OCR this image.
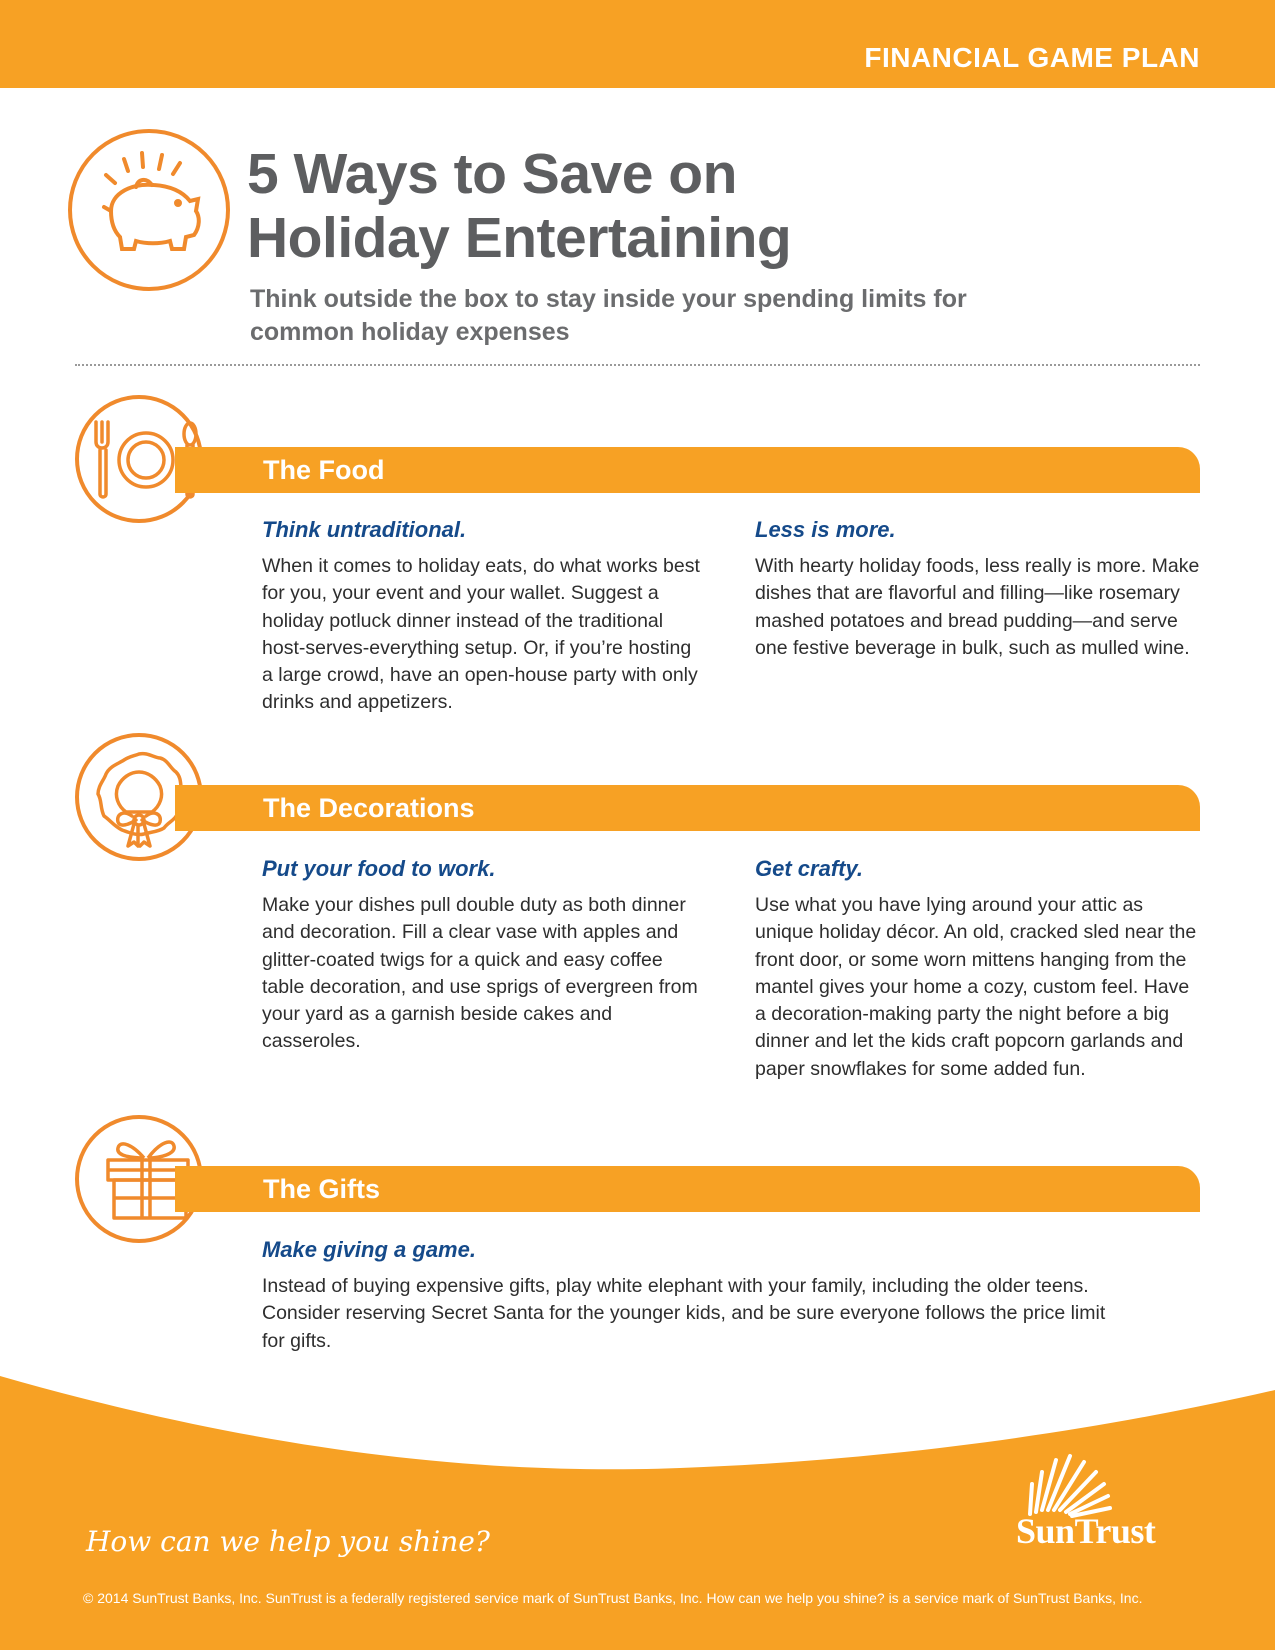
FINANCIAL GAME PLAN
5 Ways to Save on
Holiday Entertaining

Think outside the box to stay inside your spending limits for common holiday expenses

The Food
Think untraditional.

When it comes to holiday eats, do what works best for you, your event and your wallet. Suggest a holiday potluck dinner instead of the traditional host-serves-everything setup. Or, if you’re hosting a large crowd, have an open-house party with only drinks and appetizers.

Less is more.

With hearty holiday foods, less really is more. Make dishes that are flavorful and filling—like rosemary mashed potatoes and bread pudding—and serve one festive beverage in bulk, such as mulled wine.

The Decorations
Put your food to work.

Make your dishes pull double duty as both dinner and decoration. Fill a clear vase with apples and glitter-coated twigs for a quick and easy coffee table decoration, and use sprigs of evergreen from your yard as a garnish beside cakes and casseroles.

Get crafty.

Use what you have lying around your attic as unique holiday décor. An old, cracked sled near the front door, or some worn mittens hanging from the mantel gives your home a cozy, custom feel. Have a decoration-making party the night before a big dinner and let the kids craft popcorn garlands and paper snowflakes for some added fun.

The Gifts
Make giving a game.

Instead of buying expensive gifts, play white elephant with your family, including the older teens. Consider reserving Secret Santa for the younger kids, and be sure everyone follows the price limit for gifts.

How can we help you shine?	SunTrust
© 2014 SunTrust Banks, Inc. SunTrust is a federally registered service mark of SunTrust Banks, Inc. How can we help you shine? is a service mark of SunTrust Banks, Inc.
